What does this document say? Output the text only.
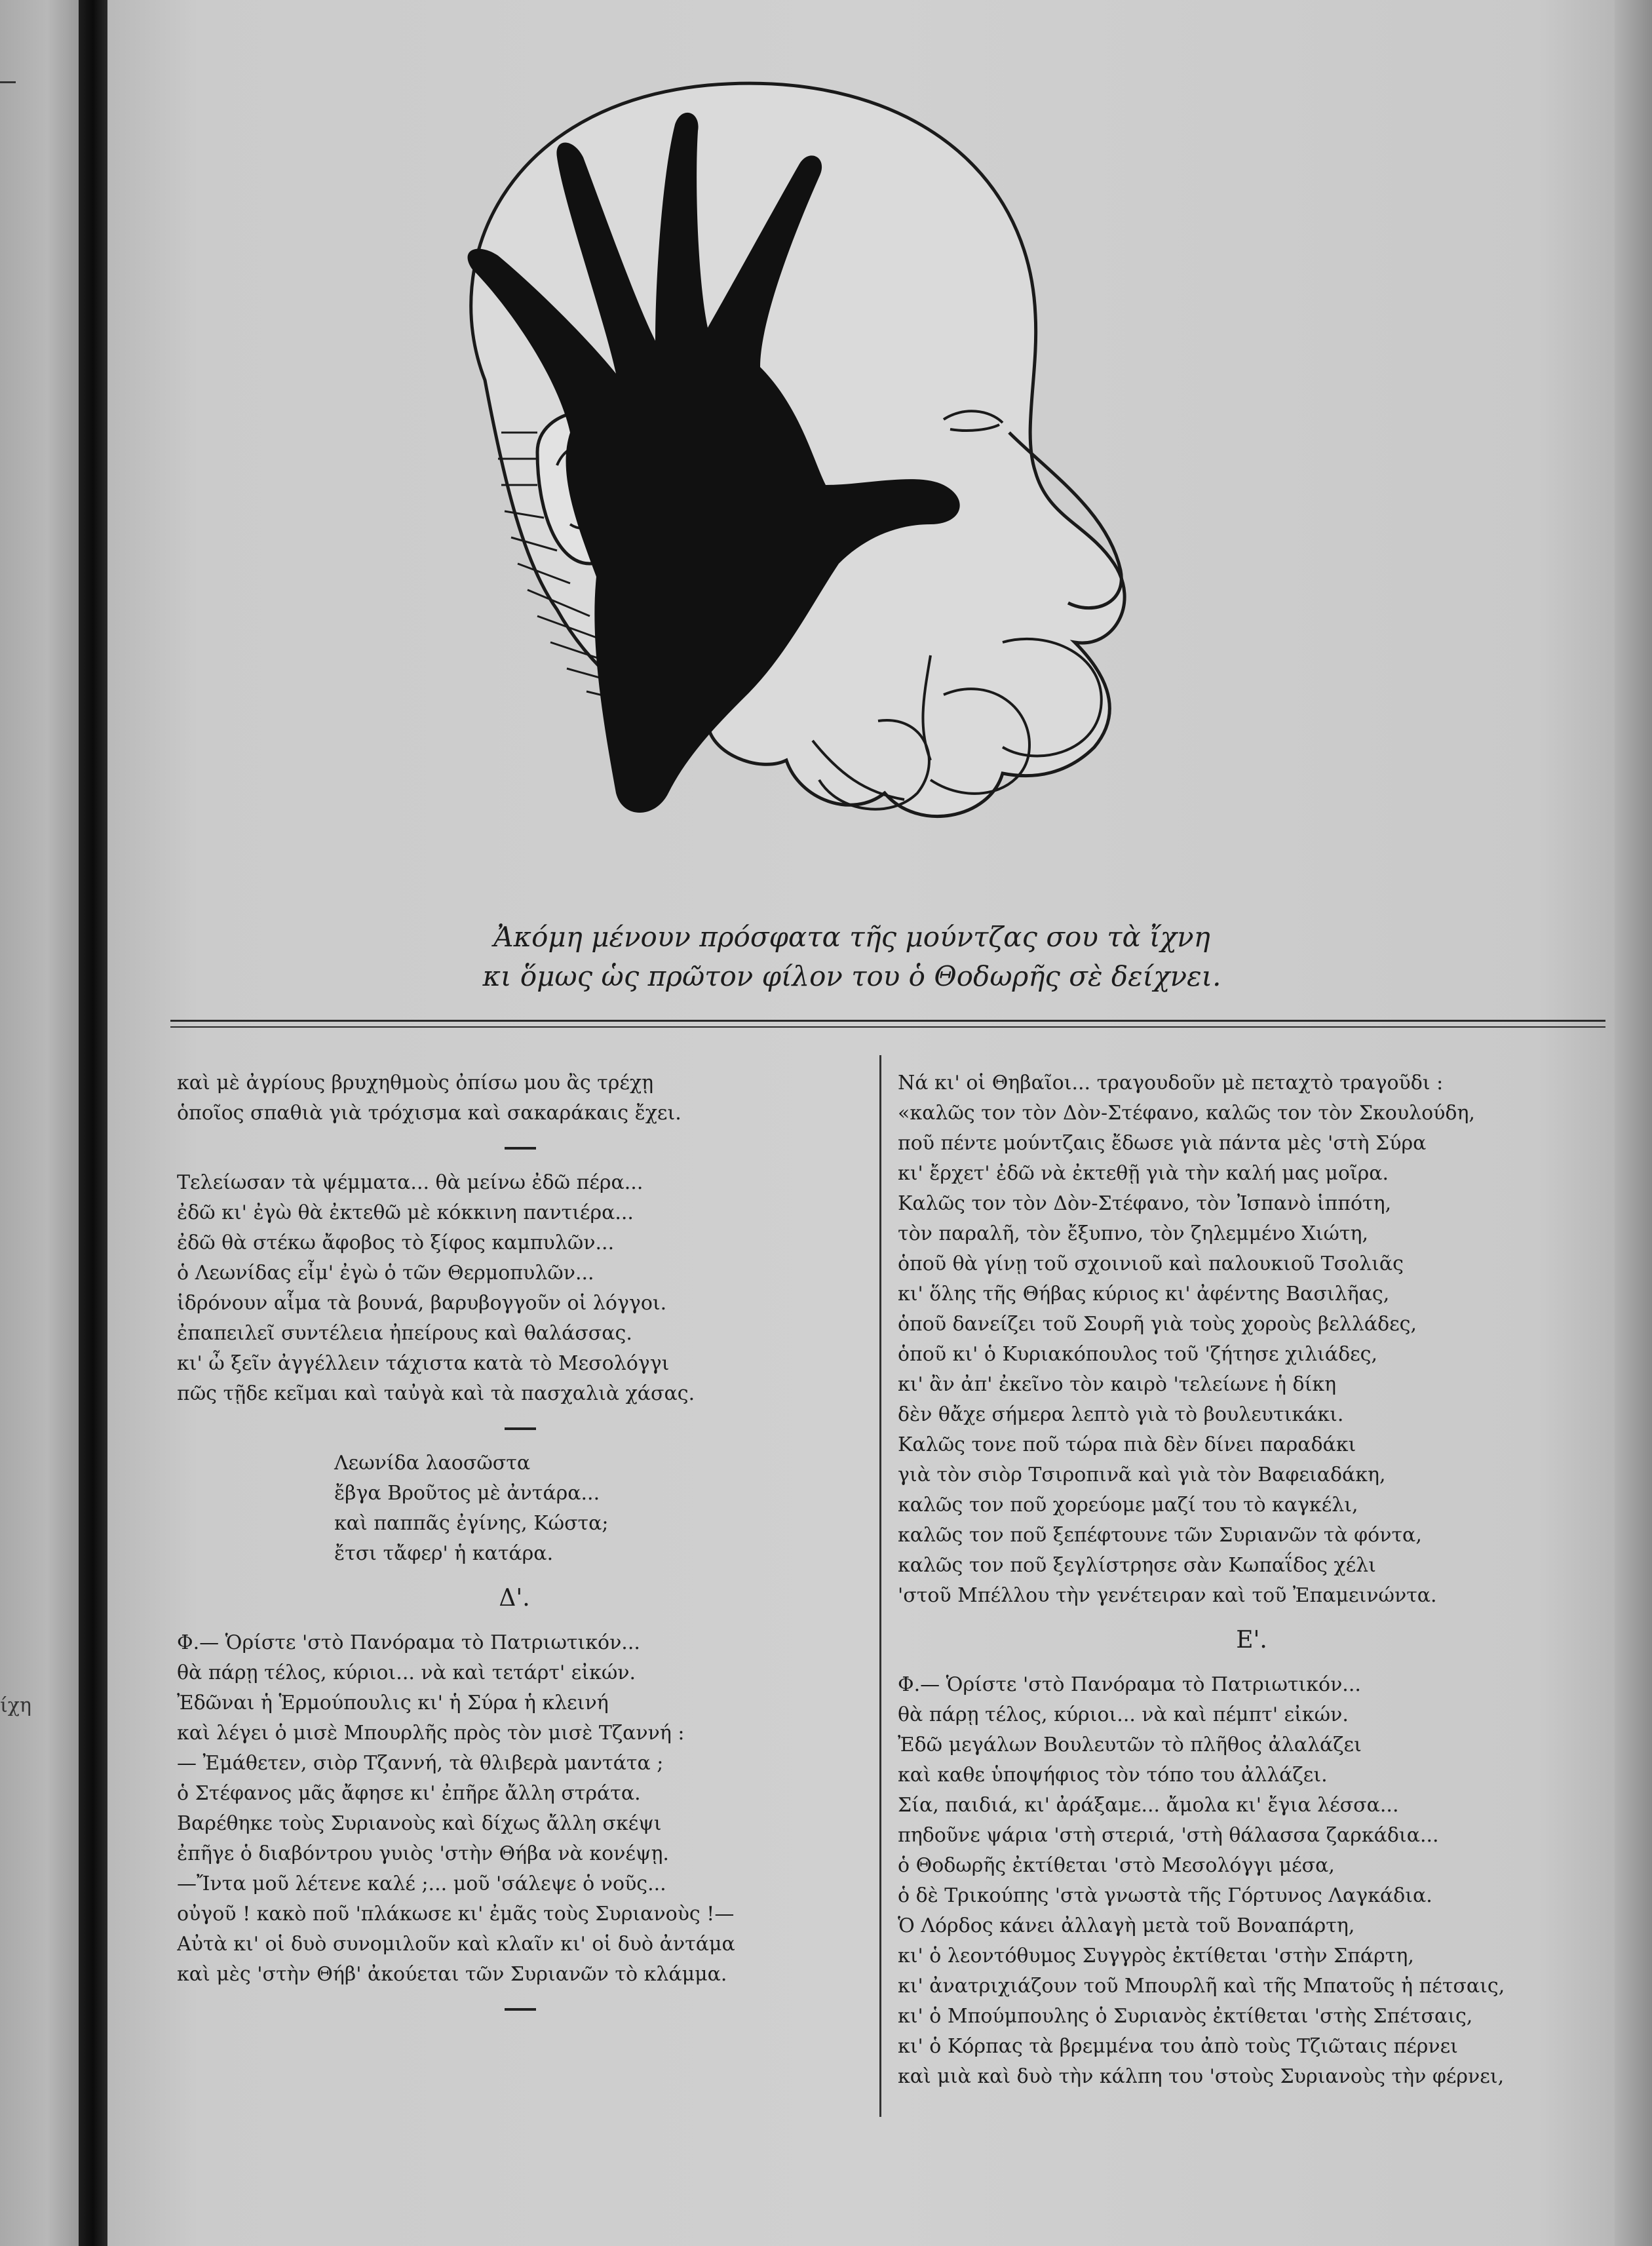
ίχη
Ἀκόμη μένουν πρόσφατα τῆς μούντζας σου τὰ ἴχνη
κι ὅμως ὡς πρῶτον φίλον του ὁ Θοδωρῆς σὲ δείχνει.
καὶ μὲ ἀγρίους βρυχηθμοὺς ὀπίσω μου ἂς τρέχῃ
ὁποῖος σπαθιὰ γιὰ τρόχισμα καὶ σακαράκαις ἔχει.
Τελείωσαν τὰ ψέμματα... θὰ μείνω ἐδῶ πέρα...
ἐδῶ κι' ἐγὼ θὰ ἐκτεθῶ μὲ κόκκινη παντιέρα...
ἐδῶ θὰ στέκω ἄφοβος τὸ ξίφος καμπυλῶν...
ὁ Λεωνίδας εἶμ' ἐγὼ ὁ τῶν Θερμοπυλῶν...
ἱδρόνουν αἷμα τὰ βουνά, βαρυβογγοῦν οἱ λόγγοι.
ἐπαπειλεῖ συντέλεια ἠπείρους καὶ θαλάσσας.
κι' ὦ ξεῖν ἀγγέλλειν τάχιστα κατὰ τὸ Μεσολόγγι
πῶς τῇδε κεῖμαι καὶ ταὐγὰ καὶ τὰ πασχαλιὰ χάσας.
Λεωνίδα λαοσῶστα
ἔβγα Βροῦτος μὲ ἀντάρα...
καὶ παππᾶς ἐγίνης, Κώστα;
ἔτσι τἄφερ' ἡ κατάρα.
Δ'.
Φ.— Ὁρίστε 'στὸ Πανόραμα τὸ Πατριωτικόν...
θὰ πάρῃ τέλος, κύριοι... νὰ καὶ τετάρτ' εἰκών.
Ἐδῶναι ἡ Ἑρμούπουλις κι' ἡ Σύρα ἡ κλεινή
καὶ λέγει ὁ μισὲ Μπουρλῆς πρὸς τὸν μισὲ Τζαννή :
— Ἐμάθετεν, σιὸρ Τζαννή, τὰ θλιβερὰ μαντάτα ;
ὁ Στέφανος μᾶς ἄφησε κι' ἐπῆρε ἄλλη στράτα.
Βαρέθηκε τοὺς Συριανοὺς καὶ δίχως ἄλλη σκέψι
ἐπῆγε ὁ διαβόντρου γυιὸς 'στὴν Θήβα νὰ κονέψῃ.
—Ἴντα μοῦ λέτενε καλέ ;... μοῦ 'σάλεψε ὁ νοῦς...
οὐγοῦ ! κακὸ ποῦ 'πλάκωσε κι' ἐμᾶς τοὺς Συριανοὺς !—
Αὐτὰ κι' οἱ δυὸ συνομιλοῦν καὶ κλαῖν κι' οἱ δυὸ ἀντάμα
καὶ μὲς 'στὴν Θήβ' ἀκούεται τῶν Συριανῶν τὸ κλάμμα.
Νά κι' οἱ Θηβαῖοι... τραγουδοῦν μὲ πεταχτὸ τραγοῦδι :
«καλῶς τον τὸν Δὸν-Στέφανο, καλῶς τον τὸν Σκουλούδη,
ποῦ πέντε μούντζαις ἔδωσε γιὰ πάντα μὲς 'στὴ Σύρα
κι' ἔρχετ' ἐδῶ νὰ ἐκτεθῇ γιὰ τὴν καλή μας μοῖρα.
Καλῶς τον τὸν Δὸν-Στέφανο, τὸν Ἰσπανὸ ἱππότη,
τὸν παραλῆ, τὸν ἔξυπνο, τὸν ζηλεμμένο Χιώτη,
ὁποῦ θὰ γίνῃ τοῦ σχοινιοῦ καὶ παλουκιοῦ Τσολιᾶς
κι' ὅλης τῆς Θήβας κύριος κι' ἀφέντης Βασιλῆας,
ὁποῦ δανείζει τοῦ Σουρῆ γιὰ τοὺς χοροὺς βελλάδες,
ὁποῦ κι' ὁ Κυριακόπουλος τοῦ 'ζήτησε χιλιάδες,
κι' ἂν ἀπ' ἐκεῖνο τὸν καιρὸ 'τελείωνε ἡ δίκη
δὲν θἄχε σήμερα λεπτὸ γιὰ τὸ βουλευτικάκι.
Καλῶς τονε ποῦ τώρα πιὰ δὲν δίνει παραδάκι
γιὰ τὸν σιὸρ Τσιροπινᾶ καὶ γιὰ τὸν Βαφειαδάκη,
καλῶς τον ποῦ χορεύομε μαζί του τὸ καγκέλι,
καλῶς τον ποῦ ξεπέφτουνε τῶν Συριανῶν τὰ φόντα,
καλῶς τον ποῦ ξεγλίστρησε σὰν Κωπαΐδος χέλι
'στοῦ Μπέλλου τὴν γενέτειραν καὶ τοῦ Ἐπαμεινώντα.
Ε'.
Φ.— Ὁρίστε 'στὸ Πανόραμα τὸ Πατριωτικόν...
θὰ πάρῃ τέλος, κύριοι... νὰ καὶ πέμπτ' εἰκών.
Ἐδῶ μεγάλων Βουλευτῶν τὸ πλῆθος ἀλαλάζει
καὶ καθε ὑποψήφιος τὸν τόπο του ἀλλάζει.
Σία, παιδιά, κι' ἀράξαμε... ἄμολα κι' ἔγια λέσσα...
πηδοῦνε ψάρια 'στὴ στεριά, 'στὴ θάλασσα ζαρκάδια...
ὁ Θοδωρῆς ἐκτίθεται 'στὸ Μεσολόγγι μέσα,
ὁ δὲ Τρικούπης 'στὰ γνωστὰ τῆς Γόρτυνος Λαγκάδια.
Ὁ Λόρδος κάνει ἀλλαγὴ μετὰ τοῦ Βοναπάρτη,
κι' ὁ λεοντόθυμος Συγγρὸς ἐκτίθεται 'στὴν Σπάρτη,
κι' ἀνατριχιάζουν τοῦ Μπουρλῆ καὶ τῆς Μπατοῦς ἡ πέτσαις,
κι' ὁ Μπούμπουλης ὁ Συριανὸς ἐκτίθεται 'στὴς Σπέτσαις,
κι' ὁ Κόρπας τὰ βρεμμένα του ἀπὸ τοὺς Τζιῶταις πέρνει
καὶ μιὰ καὶ δυὸ τὴν κάλπη του 'στοὺς Συριανοὺς τὴν φέρνει,
